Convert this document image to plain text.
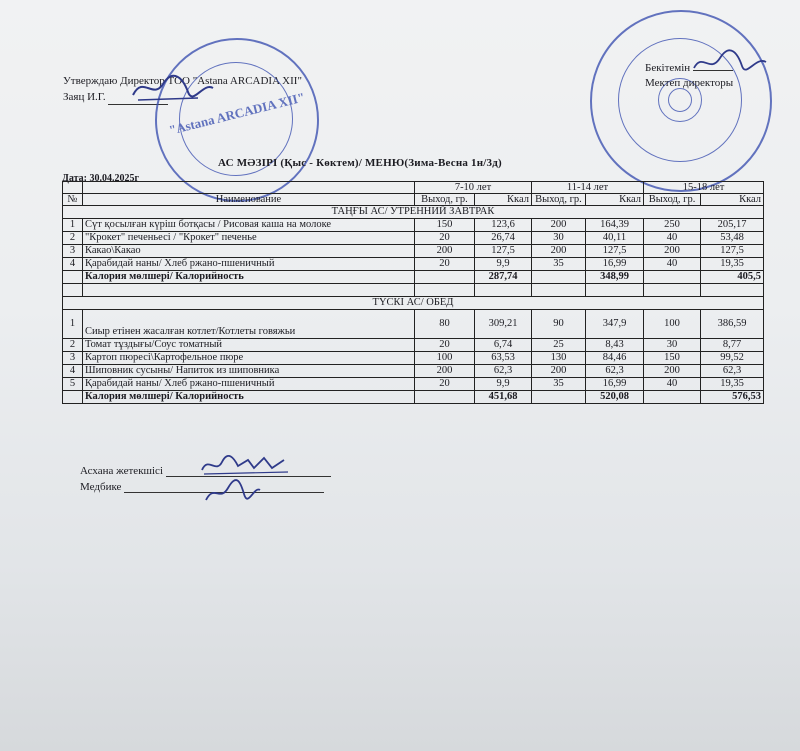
Утверждаю Директор ТОО "Astana ARCADIA XII"
Заяц И.Г.	"Astana ARCADIA XII"
Бекітемін
Мектеп директоры
АС МӘЗІРІ (Қыс - Көктем)/ МЕНЮ(Зима-Весна 1н/3д)
Дата: 30.04.2025г
		7-10 лет		11-14 лет		15-18 лет	
№	Наименование	Выход, гр.	Ккал	Выход, гр.	Ккал	Выход, гр.	Ккал
ТАҢҒЫ АС/ УТРЕННИЙ ЗАВТРАК							
1	Сүт қосылған күріш ботқасы / Рисовая каша на молоке	150	123,6	200	164,39	250	205,17
2	"Крокет" печеньесі / "Крокет" печенье	20	26,74	30	40,11	40	53,48
3	Какао\Какао	200	127,5	200	127,5	200	127,5
4	Қарабидай наны/ Хлеб ржано-пшеничный	20	9,9	35	16,99	40	19,35
	Калория мөлшері/ Калорийность		287,74		348,99		405,5

ТҮСКІ АС/ ОБЕД							
1	Сиыр етінен жасалған котлет/Котлеты говяжьи	80	309,21	90	347,9	100	386,59
2	Томат тұздығы/Соус томатный	20	6,74	25	8,43	30	8,77
3	Картоп пюресі\Картофельное пюре	100	63,53	130	84,46	150	99,52
4	Шиповник сусыны/ Напиток из шиповника	200	62,3	200	62,3	200	62,3
5	Қарабидай наны/ Хлеб ржано-пшеничный	20	9,9	35	16,99	40	19,35
	Калория мөлшері/ Калорийность		451,68		520,08		576,53
Асхана жетекшісі
Медбике
